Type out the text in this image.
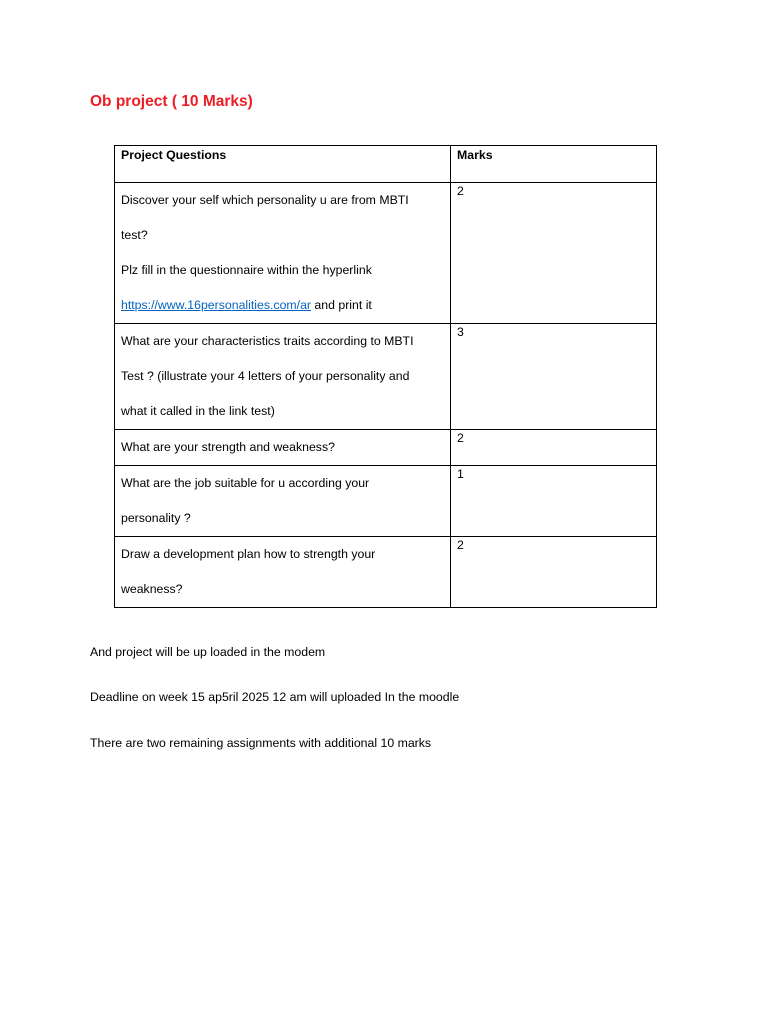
Ob project ( 10 Marks)
Project Questions	Marks

Discover your self which personality u are from MBTI

test?

Plz fill in the questionnaire within the hyperlink

https://www.16personalities.com/ar and print it	2

What are your characteristics traits according to MBTI

Test ? (illustrate your 4 letters of your personality and

what it called in the link test)	3

What are your strength and weakness?	2

What are the job suitable for u according your

personality ?	1

Draw a development plan how to strength your

weakness?	2

And project will be up loaded in the modem

Deadline on week 15 ap5ril 2025 12 am will uploaded In the moodle

There are two remaining assignments with additional 10 marks
